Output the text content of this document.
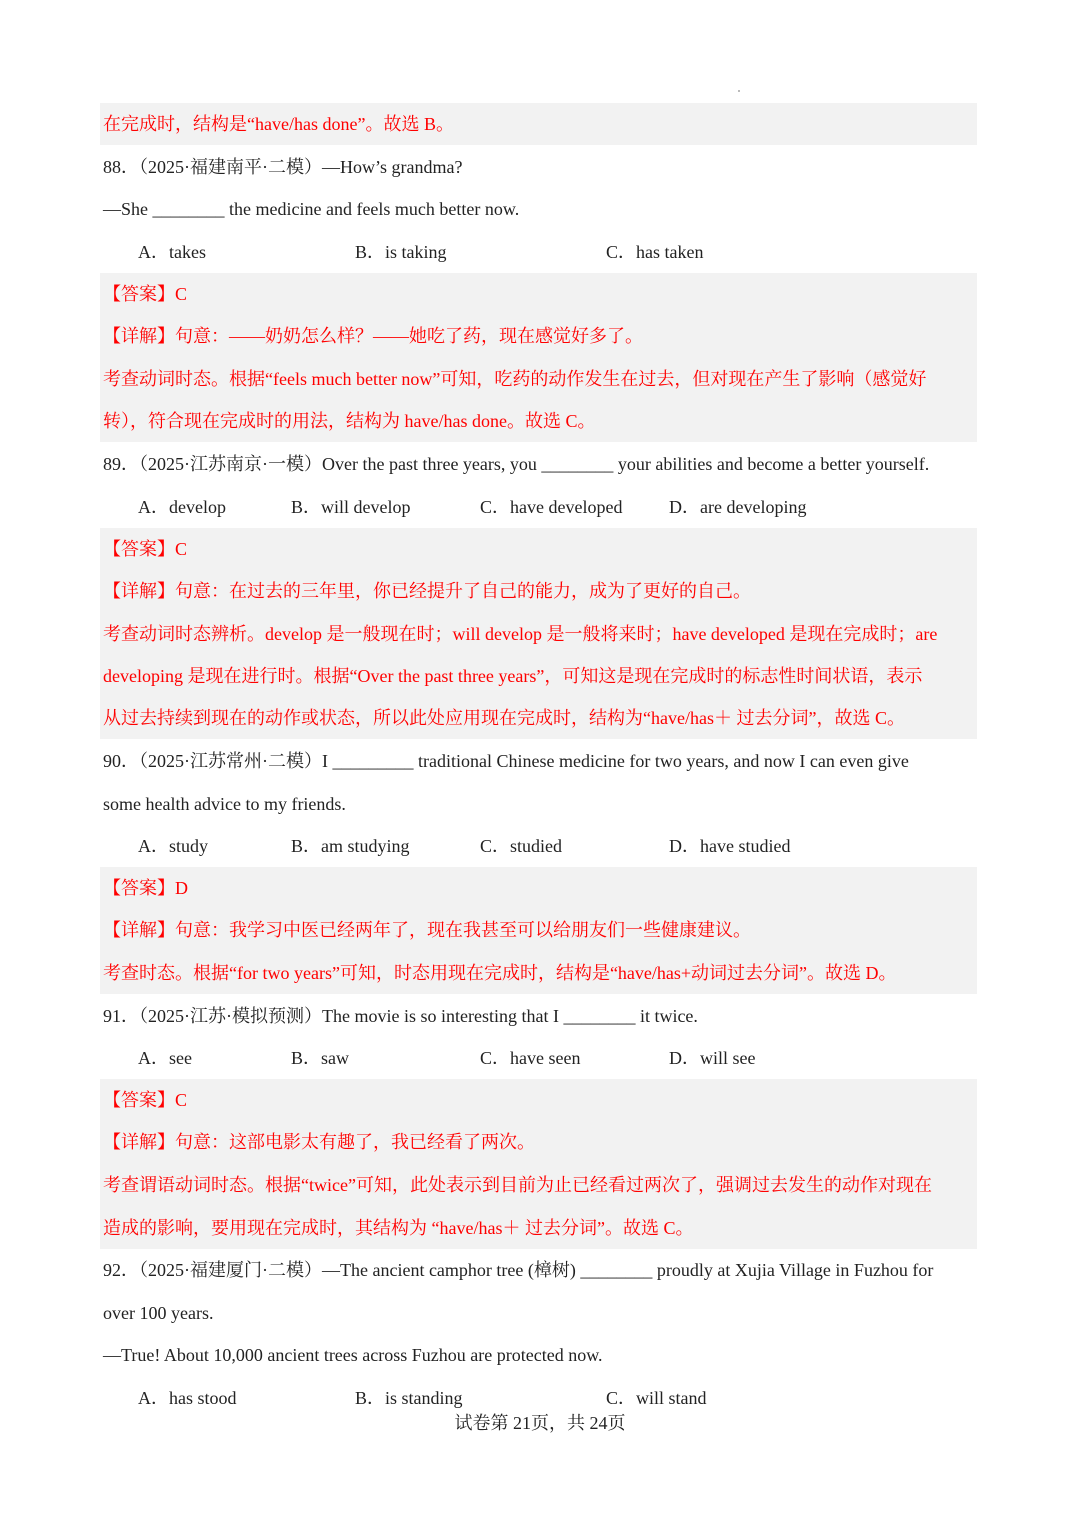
在完成时，结构是“have/has done”。故选 B。
88．（2025·福建南平·二模）—How’s grandma?
—She ________ the medicine and feels much better now.
A．takes	B．is taking	C．has taken
【答案】C
【详解】句意：——奶奶怎么样？——她吃了药，现在感觉好多了。
考查动词时态。根据“feels much better now”可知，吃药的动作发生在过去，但对现在产生了影响（感觉好
转），符合现在完成时的用法，结构为 have/has done。故选 C。
89．（2025·江苏南京·一模）Over the past three years, you ________ your abilities and become a better yourself.
A．develop	B．will develop	C．have developed	D．are developing
【答案】C
【详解】句意：在过去的三年里，你已经提升了自己的能力，成为了更好的自己。
考查动词时态辨析。develop 是一般现在时；will develop 是一般将来时；have developed 是现在完成时；are
developing 是现在进行时。根据“Over the past three years”，可知这是现在完成时的标志性时间状语，表示
从过去持续到现在的动作或状态，所以此处应用现在完成时，结构为“have/has＋ 过去分词”，故选 C。
90．（2025·江苏常州·二模）I _________ traditional Chinese medicine for two years, and now I can even give
some health advice to my friends.
A．study	B．am studying	C．studied	D．have studied
【答案】D
【详解】句意：我学习中医已经两年了，现在我甚至可以给朋友们一些健康建议。
考查时态。根据“for two years”可知，时态用现在完成时，结构是“have/has+动词过去分词”。故选 D。
91．（2025·江苏·模拟预测）The movie is so interesting that I ________ it twice.
A．see	B．saw	C．have seen	D．will see
【答案】C
【详解】句意：这部电影太有趣了，我已经看了两次。
考查谓语动词时态。根据“twice”可知，此处表示到目前为止已经看过两次了，强调过去发生的动作对现在
造成的影响，要用现在完成时，其结构为 “have/has＋ 过去分词”。故选 C。
92．（2025·福建厦门·二模）—The ancient camphor tree (樟树) ________ proudly at Xujia Village in Fuzhou for
over 100 years.
—True! About 10,000 ancient trees across Fuzhou are protected now.
A．has stood	B．is standing	C．will stand
试卷第 21页，共 24页
